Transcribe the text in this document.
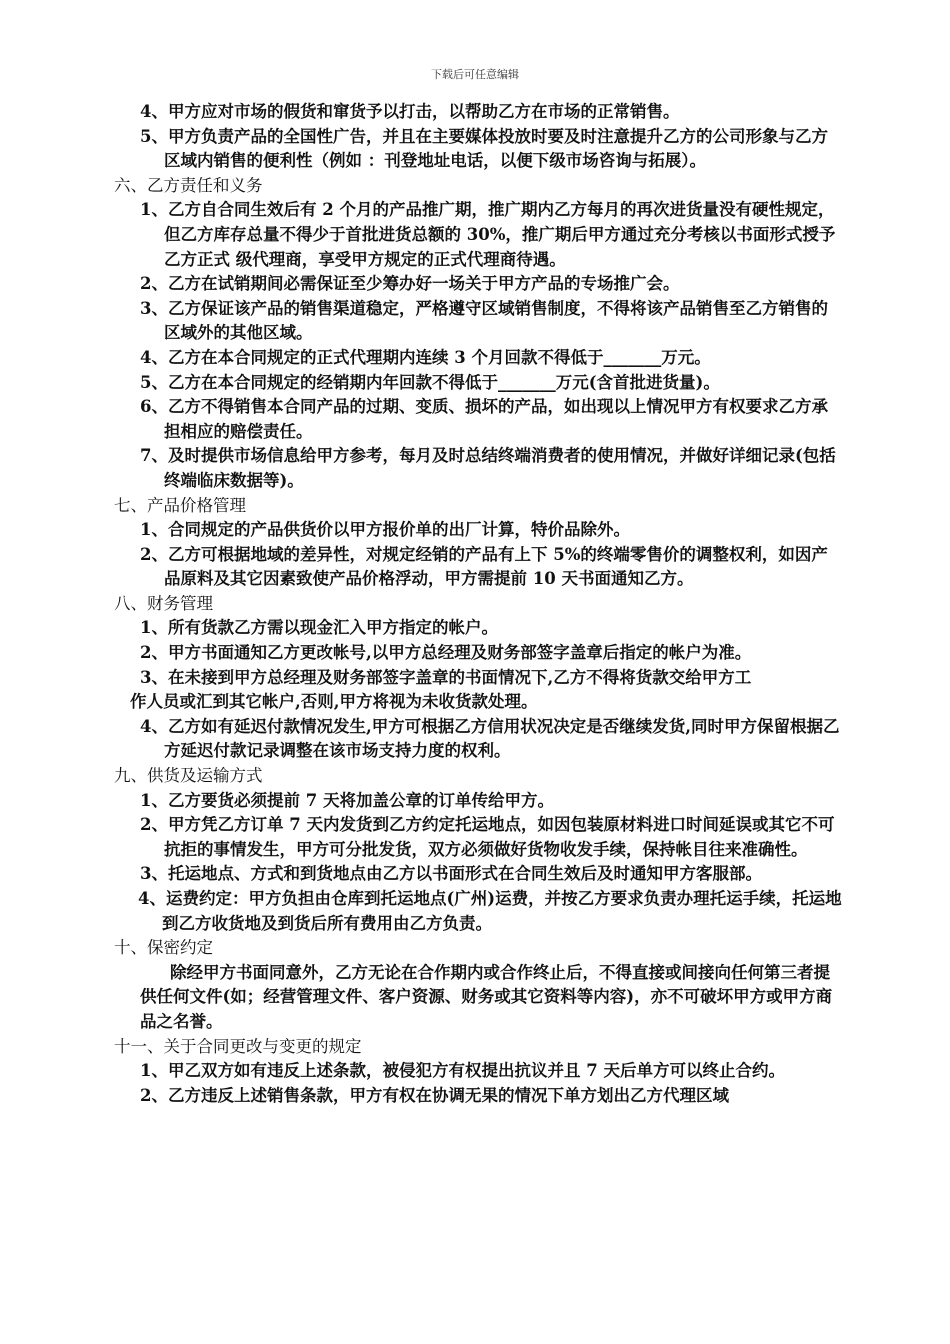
下载后可任意编辑

4、甲方应对市场的假货和窜货予以打击，以帮助乙方在市场的正常销售。

5、甲方负责产品的全国性广告，并且在主要媒体投放时要及时注意提升乙方的公司形象与乙方区域内销售的便利性（例如 ：刊登地址电话，以便下级市场咨询与拓展）。

六、乙方责任和义务

1、乙方自合同生效后有 2 个月的产品推广期，推广期内乙方每月的再次进货量没有硬性规定，但乙方库存总量不得少于首批进货总额的 30%，推广期后甲方通过充分考核以书面形式授予乙方正式 级代理商，享受甲方规定的正式代理商待遇。

2、乙方在试销期间必需保证至少筹办好一场关于甲方产品的专场推广会。

3、乙方保证该产品的销售渠道稳定，严格遵守区域销售制度，不得将该产品销售至乙方销售的区域外的其他区域。

4、乙方在本合同规定的正式代理期内连续 3 个月回款不得低于_______万元。

5、乙方在本合同规定的经销期内年回款不得低于_______万元(含首批进货量)。

6、乙方不得销售本合同产品的过期、变质、损坏的产品，如出现以上情况甲方有权要求乙方承担相应的赔偿责任。

7、及时提供市场信息给甲方参考，每月及时总结终端消费者的使用情况，并做好详细记录(包括终端临床数据等)。

七、产品价格管理

1、合同规定的产品供货价以甲方报价单的出厂计算，特价品除外。

2、乙方可根据地域的差异性，对规定经销的产品有上下 5%的终端零售价的调整权利，如因产品原料及其它因素致使产品价格浮动，甲方需提前 10 天书面通知乙方。

八、财务管理

1、所有货款乙方需以现金汇入甲方指定的帐户。

2、甲方书面通知乙方更改帐号,以甲方总经理及财务部签字盖章后指定的帐户为准。

3、在未接到甲方总经理及财务部签字盖章的书面情况下,乙方不得将货款交给甲方工

作人员或汇到其它帐户,否则,甲方将视为未收货款处理。

4、乙方如有延迟付款情况发生,甲方可根据乙方信用状况决定是否继续发货,同时甲方保留根据乙方延迟付款记录调整在该市场支持力度的权利。

九、供货及运输方式

1、乙方要货必须提前 7 天将加盖公章的订单传给甲方。

2、甲方凭乙方订单 7 天内发货到乙方约定托运地点，如因包装原材料进口时间延误或其它不可抗拒的事情发生，甲方可分批发货，双方必须做好货物收发手续，保持帐目往来准确性。

3、托运地点、方式和到货地点由乙方以书面形式在合同生效后及时通知甲方客服部。

4、运费约定：甲方负担由仓库到托运地点(广州)运费，并按乙方要求负责办理托运手续，托运地到乙方收货地及到货后所有费用由乙方负责。

十、保密约定

除经甲方书面同意外，乙方无论在合作期内或合作终止后，不得直接或间接向任何第三者提供任何文件(如；经营管理文件、客户资源、财务或其它资料等内容)，亦不可破坏甲方或甲方商品之名誉。

十一、关于合同更改与变更的规定

1、甲乙双方如有违反上述条款，被侵犯方有权提出抗议并且 7 天后单方可以终止合约。

2、乙方违反上述销售条款，甲方有权在协调无果的情况下单方划出乙方代理区域
